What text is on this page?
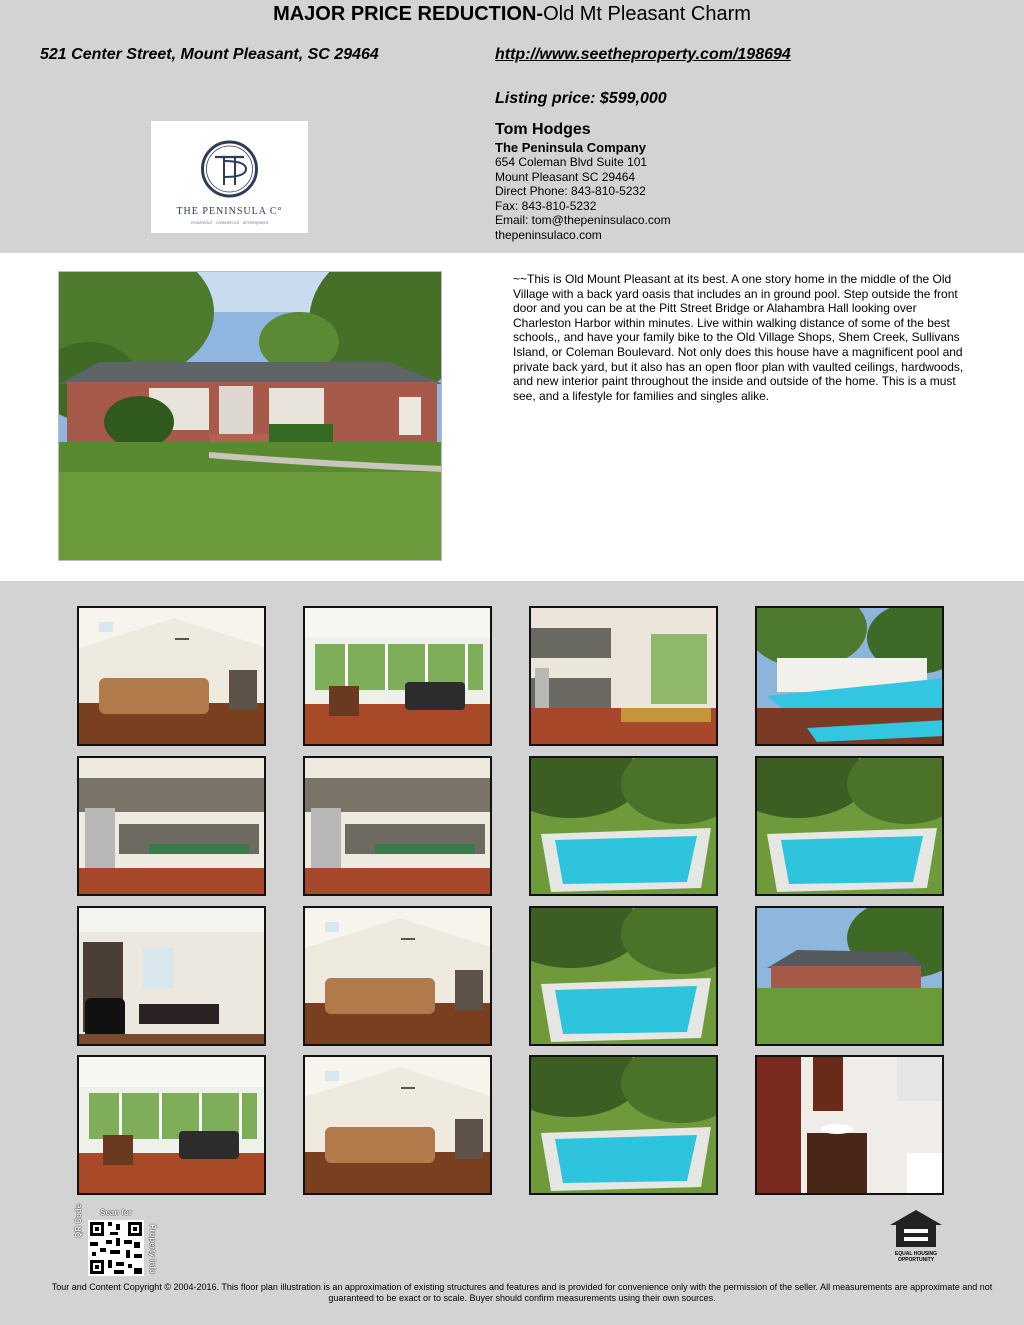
MAJOR PRICE REDUCTION-Old Mt Pleasant Charm
521 Center Street, Mount Pleasant, SC 29464	http://www.seetheproperty.com/198694
Listing price: $599,000
THE PENINSULA C°
residential · commercial · development
Tom Hodges
The Peninsula Company
654 Coleman Blvd Suite 101
Mount Pleasant SC 29464
Direct Phone: 843-810-5232
Fax: 843-810-5232
Email: tom@thepeninsulaco.com
thepeninsulaco.com
~~This is Old Mount Pleasant at its best. A one story home in the middle of the Old Village with a back yard oasis that includes an in ground pool. Step outside the front door and you can be at the Pitt Street Bridge or Alahambra Hall looking over Charleston Harbor within minutes. Live within walking distance of some of the best schools,, and have your family bike to the Old Village Shops, Shem Creek, Sullivans Island, or Coleman Boulevard. Not only does this house have a magnificent pool and private back yard, but it also has an open floor plan with vaulted ceilings, hardwoods, and new interior paint throughout the inside and outside of the home. This is a must see, and a lifestyle for families and singles alike.
Scan for
QR Code
Property Info	EQUAL HOUSING
OPPORTUNITY
Tour and Content Copyright © 2004-2016. This floor plan illustration is an approximation of existing structures and features and is provided for convenience only with the permission of the seller. All measurements are approximate and not guaranteed to be exact or to scale. Buyer should confirm measurements using their own sources.
